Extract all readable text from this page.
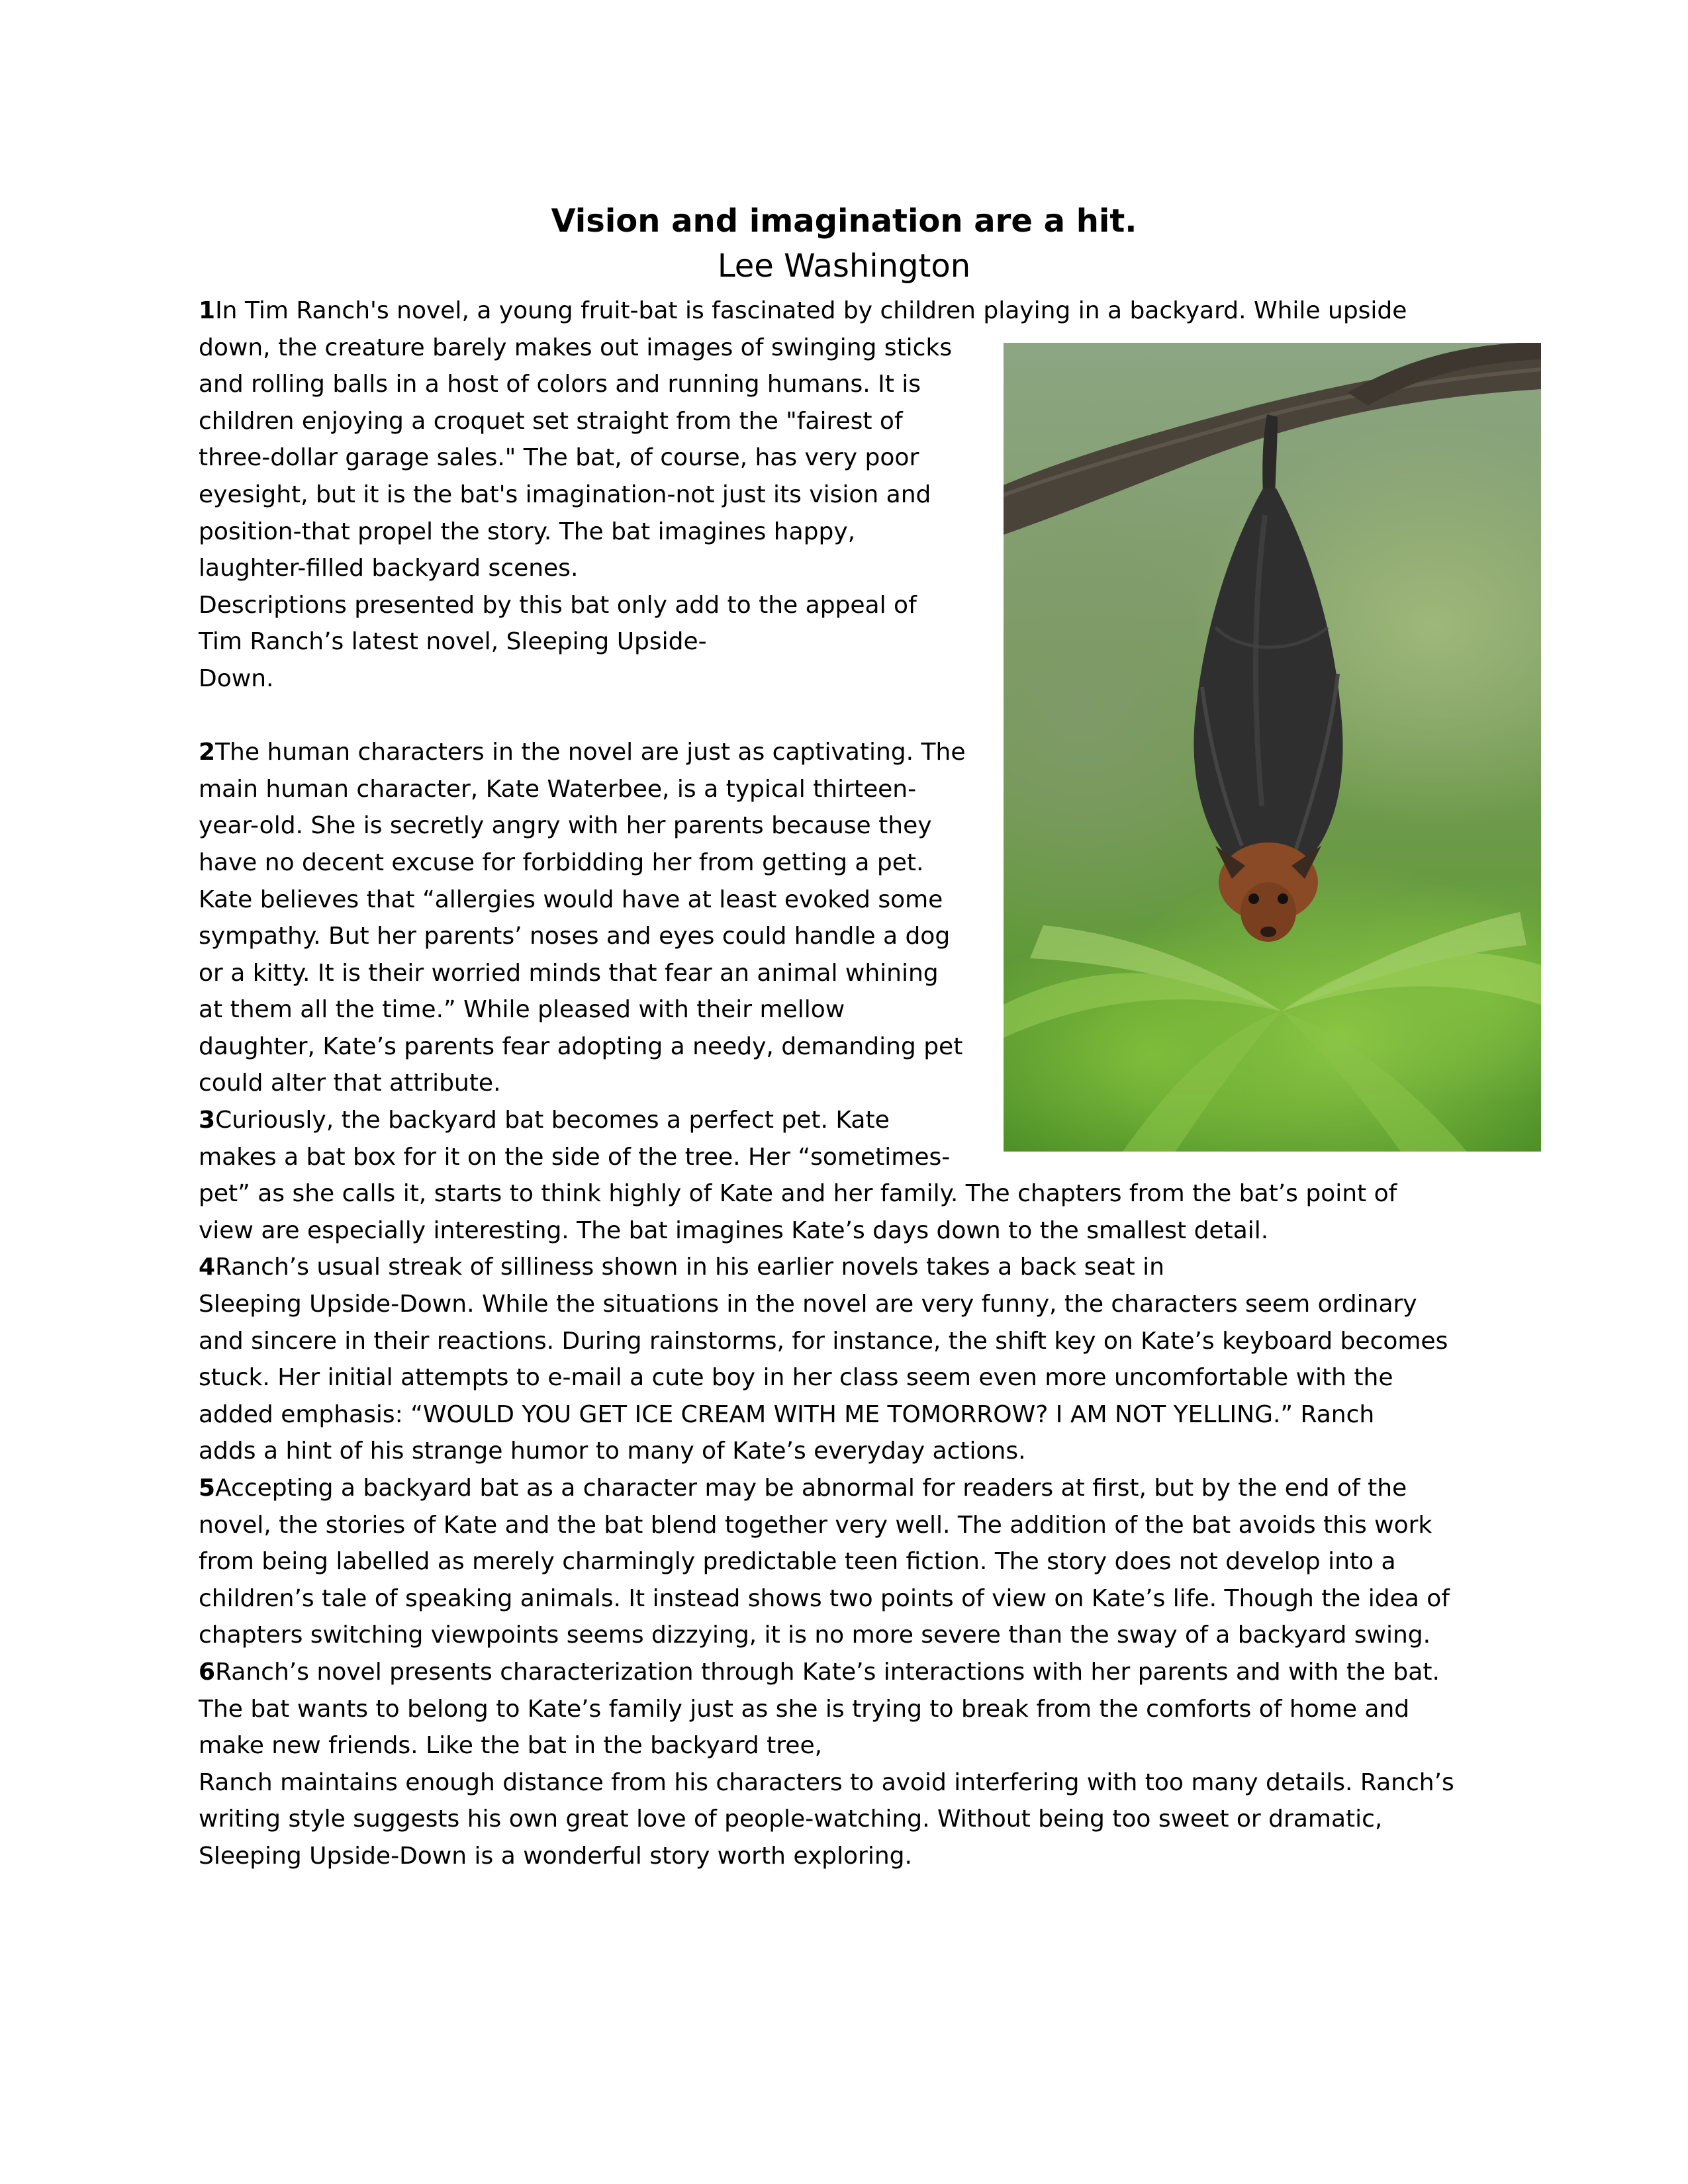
Vision and imagination are a hit.
Lee Washington
1In Tim Ranch's novel, a young fruit-bat is fascinated by children playing in a backyard. While upside
down, the creature barely makes out images of swinging sticks
and rolling balls in a host of colors and running humans. It is
children enjoying a croquet set straight from the "fairest of
three-dollar garage sales." The bat, of course, has very poor
eyesight, but it is the bat's imagination-not just its vision and
position-that propel the story. The bat imagines happy,
laughter-filled backyard scenes.
Descriptions presented by this bat only add to the appeal of
Tim Ranch’s latest novel, Sleeping Upside-
Down.
2The human characters in the novel are just as captivating. The
main human character, Kate Waterbee, is a typical thirteen-
year-old. She is secretly angry with her parents because they
have no decent excuse for forbidding her from getting a pet.
Kate believes that “allergies would have at least evoked some
sympathy. But her parents’ noses and eyes could handle a dog
or a kitty. It is their worried minds that fear an animal whining
at them all the time.” While pleased with their mellow
daughter, Kate’s parents fear adopting a needy, demanding pet
could alter that attribute.
3Curiously, the backyard bat becomes a perfect pet. Kate
makes a bat box for it on the side of the tree. Her “sometimes-
pet” as she calls it, starts to think highly of Kate and her family. The chapters from the bat’s point of
view are especially interesting. The bat imagines Kate’s days down to the smallest detail.
4Ranch’s usual streak of silliness shown in his earlier novels takes a back seat in
Sleeping Upside-Down. While the situations in the novel are very funny, the characters seem ordinary
and sincere in their reactions. During rainstorms, for instance, the shift key on Kate’s keyboard becomes
stuck. Her initial attempts to e-mail a cute boy in her class seem even more uncomfortable with the
added emphasis: “WOULD YOU GET ICE CREAM WITH ME TOMORROW? I AM NOT YELLING.” Ranch
adds a hint of his strange humor to many of Kate’s everyday actions.
5Accepting a backyard bat as a character may be abnormal for readers at first, but by the end of the
novel, the stories of Kate and the bat blend together very well. The addition of the bat avoids this work
from being labelled as merely charmingly predictable teen fiction. The story does not develop into a
children’s tale of speaking animals. It instead shows two points of view on Kate’s life. Though the idea of
chapters switching viewpoints seems dizzying, it is no more severe than the sway of a backyard swing.
6Ranch’s novel presents characterization through Kate’s interactions with her parents and with the bat.
The bat wants to belong to Kate’s family just as she is trying to break from the comforts of home and
make new friends. Like the bat in the backyard tree,
Ranch maintains enough distance from his characters to avoid interfering with too many details. Ranch’s
writing style suggests his own great love of people-watching. Without being too sweet or dramatic,
Sleeping Upside-Down is a wonderful story worth exploring.
